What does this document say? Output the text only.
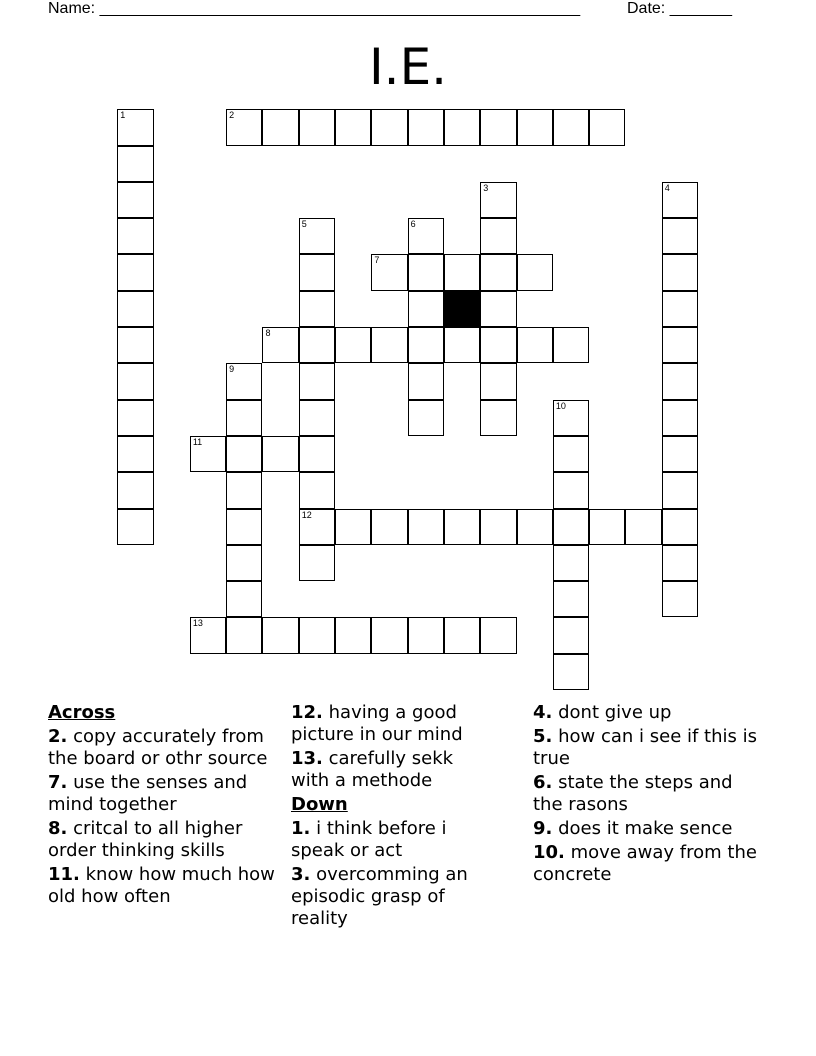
Name: ______________________________________________________	Date: _______
I.E.
1	2
3	4
5
12
6
7
8
9
10
11
13
Across
2. copy accurately from the board or othr source
7. use the senses and mind together
8. critcal to all higher order thinking skills
11. know how much how old how often
12. having a good picture in our mind
13. carefully sekk with a methode
Down
1. i think before i speak or act
3. overcomming an episodic grasp of reality
4. dont give up
5. how can i see if this is true
6. state the steps and the rasons
9. does it make sence
10. move away from the concrete
